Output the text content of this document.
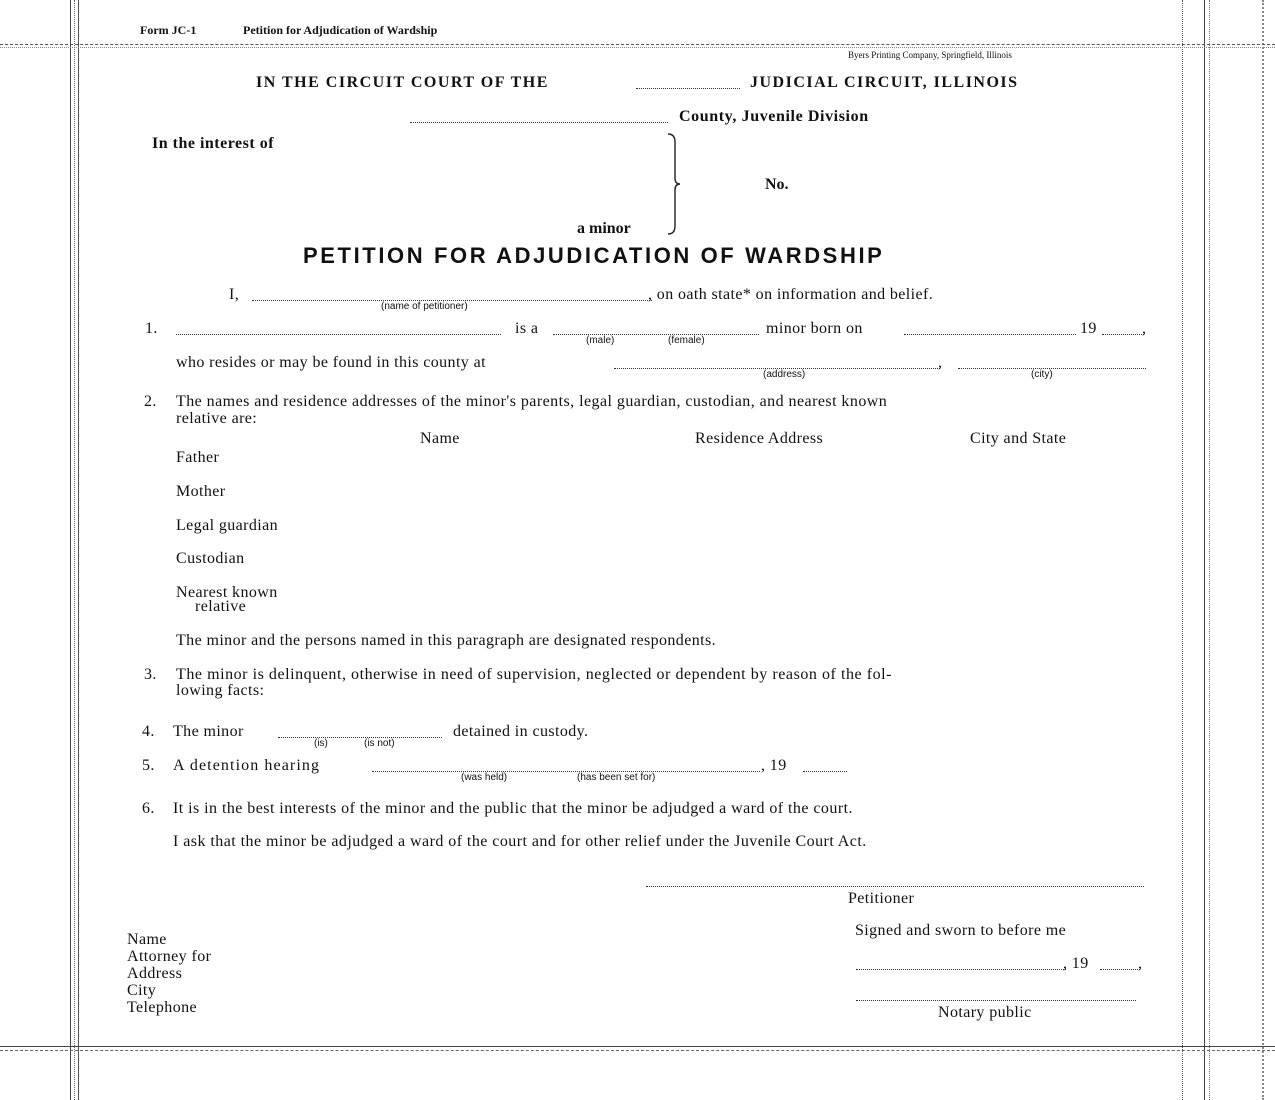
Form JC-1	Petition for Adjudication of Wardship
Byers Printing Company, Springfield, Illinois
IN THE CIRCUIT COURT OF THE	JUDICIAL CIRCUIT, ILLINOIS
County, Juvenile Division
In the interest of
No.
a minor
PETITION FOR ADJUDICATION OF WARDSHIP
I,
(name of petitioner)
, on oath state* on information and belief.
1.	is a
(male)	(female)
minor born on	19	,
who resides or may be found in this county at	,
(address)	(city)
2. The names and residence addresses of the minor's parents, legal guardian, custodian, and nearest known
relative are:
Name	Residence Address	City and State
Father
Mother
Legal guardian
Custodian
Nearest known
relative
The minor and the persons named in this paragraph are designated respondents.
3. The minor is delinquent, otherwise in need of supervision, neglected or dependent by reason of the fol-
lowing facts:
4. The minor
(is)	(is not)
detained in custody.
5. A detention hearing
(was held)	(has been set for)
, 19
6. It is in the best interests of the minor and the public that the minor be adjudged a ward of the court.
I ask that the minor be adjudged a ward of the court and for other relief under the Juvenile Court Act.
Petitioner
Signed and sworn to before me
, 19	,
Notary public
Name
Attorney for
Address
City
Telephone
